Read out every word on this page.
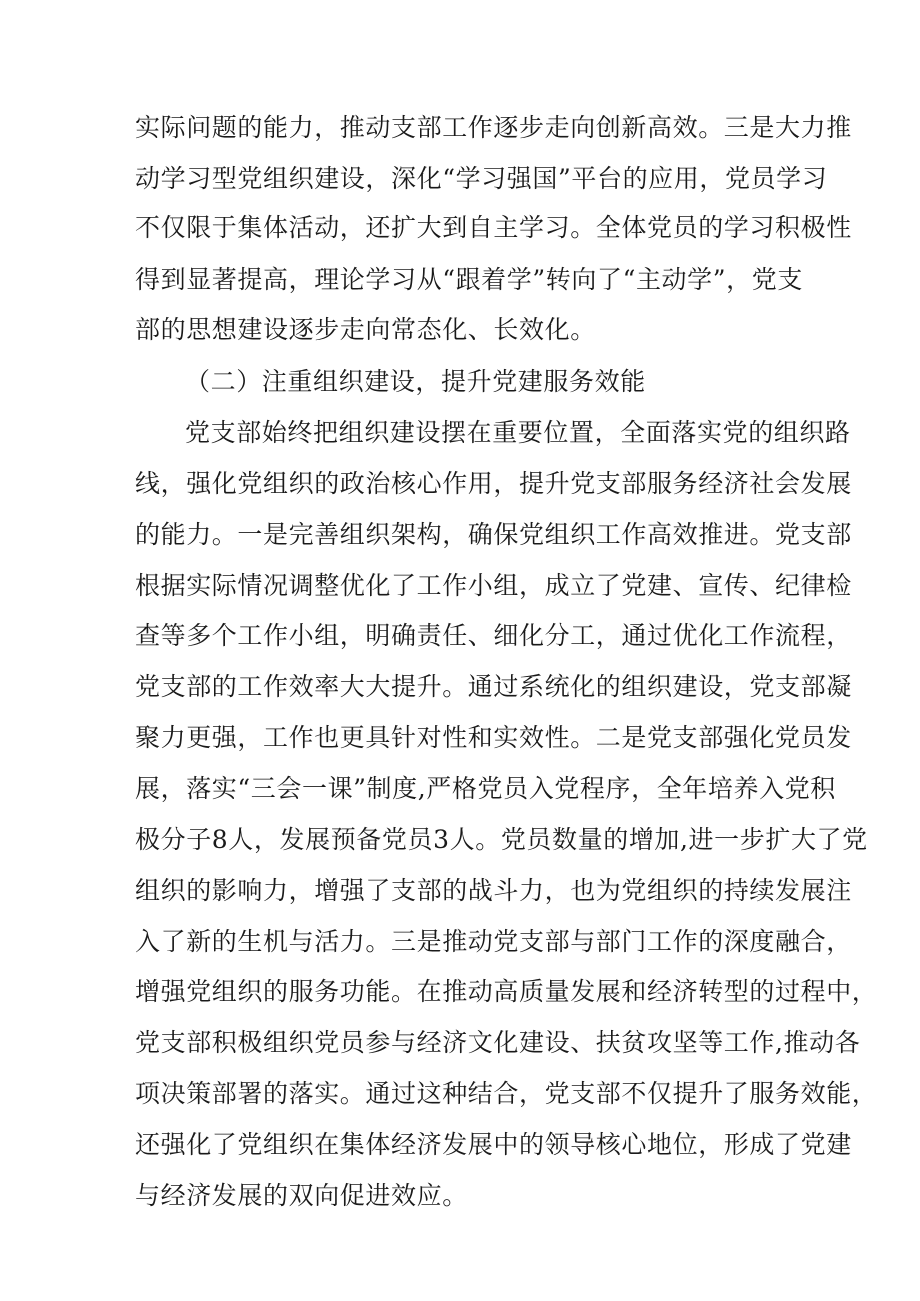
实际问题的能力，推动支部工作逐步走向创新高效。三是大力推
动学习型党组织建设，深化“学习强国”平台的应用，党员学习
不仅限于集体活动，还扩大到自主学习。全体党员的学习积极性
得到显著提高，理论学习从“跟着学”转向了“主动学”，党支
部的思想建设逐步走向常态化、长效化。
（二）注重组织建设，提升党建服务效能
党支部始终把组织建设摆在重要位置，全面落实党的组织路
线，强化党组织的政治核心作用，提升党支部服务经济社会发展
的能力。一是完善组织架构，确保党组织工作高效推进。党支部
根据实际情况调整优化了工作小组，成立了党建、宣传、纪律检
查等多个工作小组，明确责任、细化分工，通过优化工作流程，
党支部的工作效率大大提升。通过系统化的组织建设，党支部凝
聚力更强，工作也更具针对性和实效性。二是党支部强化党员发
展，落实“三会一课”制度,严格党员入党程序，全年培养入党积
极分子8人，发展预备党员3人。党员数量的增加,进一步扩大了党
组织的影响力，增强了支部的战斗力，也为党组织的持续发展注
入了新的生机与活力。三是推动党支部与部门工作的深度融合，
增强党组织的服务功能。在推动高质量发展和经济转型的过程中，
党支部积极组织党员参与经济文化建设、扶贫攻坚等工作,推动各
项决策部署的落实。通过这种结合，党支部不仅提升了服务效能，
还强化了党组织在集体经济发展中的领导核心地位，形成了党建
与经济发展的双向促进效应。
